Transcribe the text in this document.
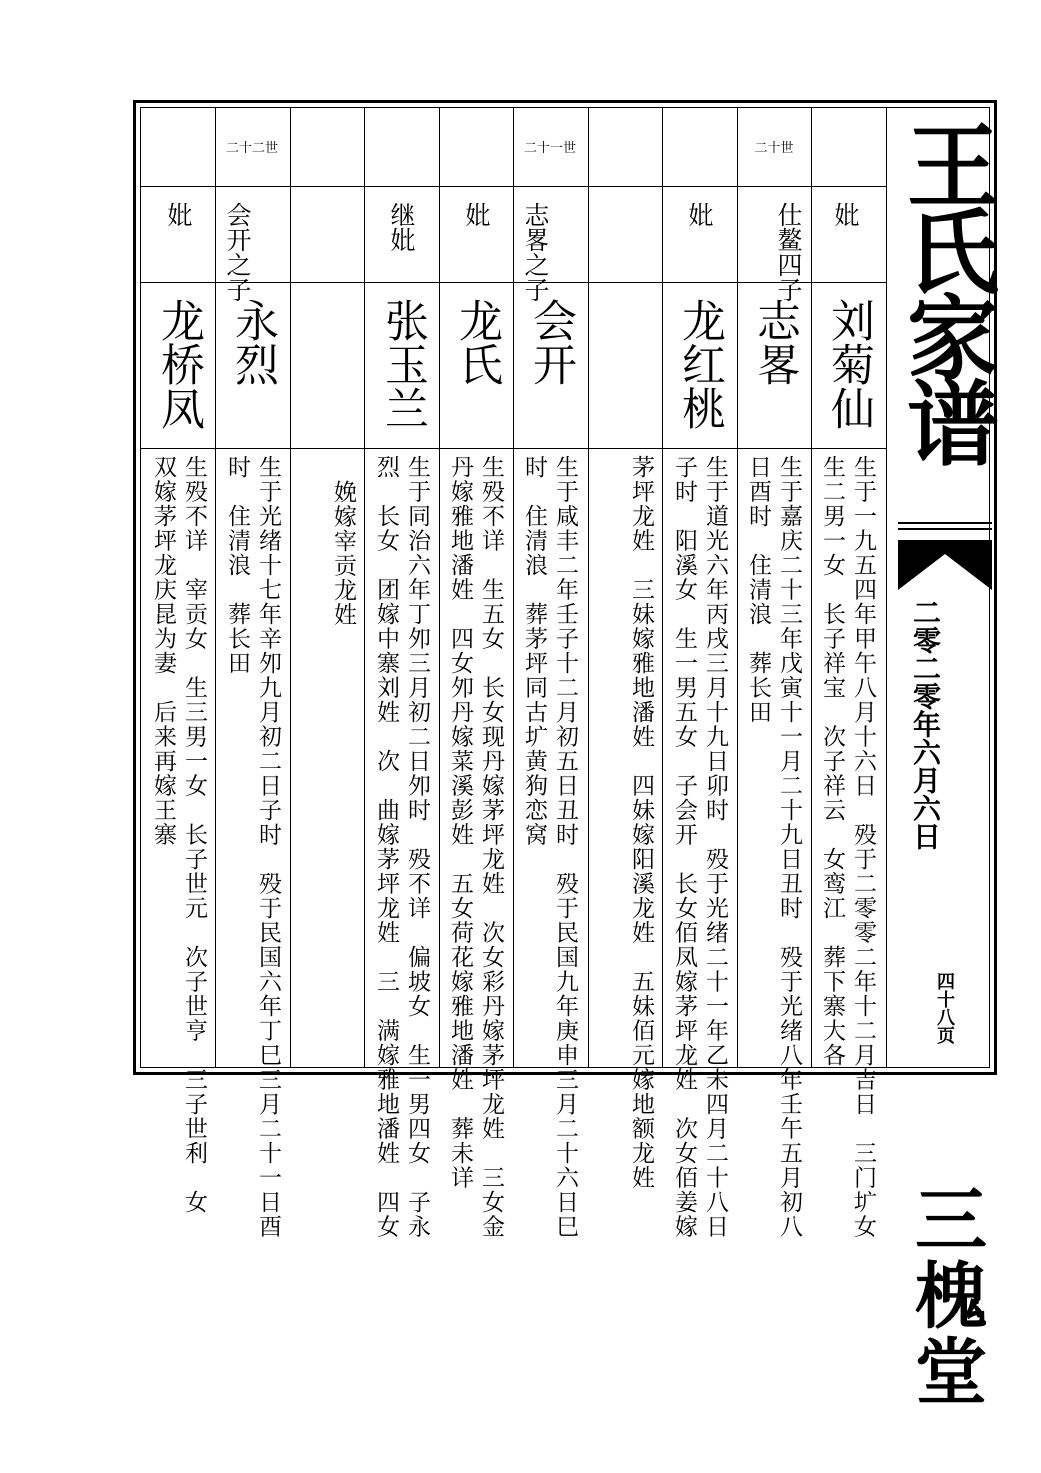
妣
刘菊仙
生于一九五四年甲午八月十六日　殁于二零零二年十二月吉日　三门圹女
生二男一女　长子祥宝　次子祥云　女鸾江　葬下寨大各
二十世
仕鳌四子
志畧
生于嘉庆二十三年戊寅十一月二十九日丑时　殁于光绪八年壬午五月初八
日酉时　住清浪　葬长田
妣
龙红桃
生于道光六年丙戌三月十九日卯时　殁于光绪二十一年乙未四月二十八日
子时　阳溪女　生一男五女　子会开　长女佰凤嫁茅坪龙姓　次女佰姜嫁
茅坪龙姓　三妹嫁雅地潘姓　四妹嫁阳溪龙姓　五妹佰元嫁地额龙姓
二十一世
志畧之子
会开
生于咸丰二年壬子十二月初五日丑时　殁于民国九年庚申三月二十六日巳
时　住清浪　葬茅坪同古圹黄狗恋窝
妣
龙氏
生殁不详　生五女　长女现丹嫁茅坪龙姓　次女彩丹嫁茅坪龙姓　三女金
丹嫁雅地潘姓　四女夘丹嫁菜溪彭姓　五女荷花嫁雅地潘姓　葬未详
继妣
张玉兰
生于同治六年丁夘三月初二日夘时　殁不详　偏坡女　生一男四女　子永
烈　长女　团嫁中寨刘姓　次　曲嫁茅坪龙姓　三　满嫁雅地潘姓　四女
娩嫁宰贡龙姓
二十二世
会开之子
永烈
生于光绪十七年辛夘九月初二日子时　殁于民国六年丁巳三月二十一日酉
时　住清浪　葬长田
妣
龙桥凤
生殁不详　宰贡女　生三男一女　长子世元　次子世亨　三子世利　女
双嫁茅坪龙庆昆为妻　后来再嫁王寨
王氏家谱
二零二零年六月六日
四十八页
三槐堂
